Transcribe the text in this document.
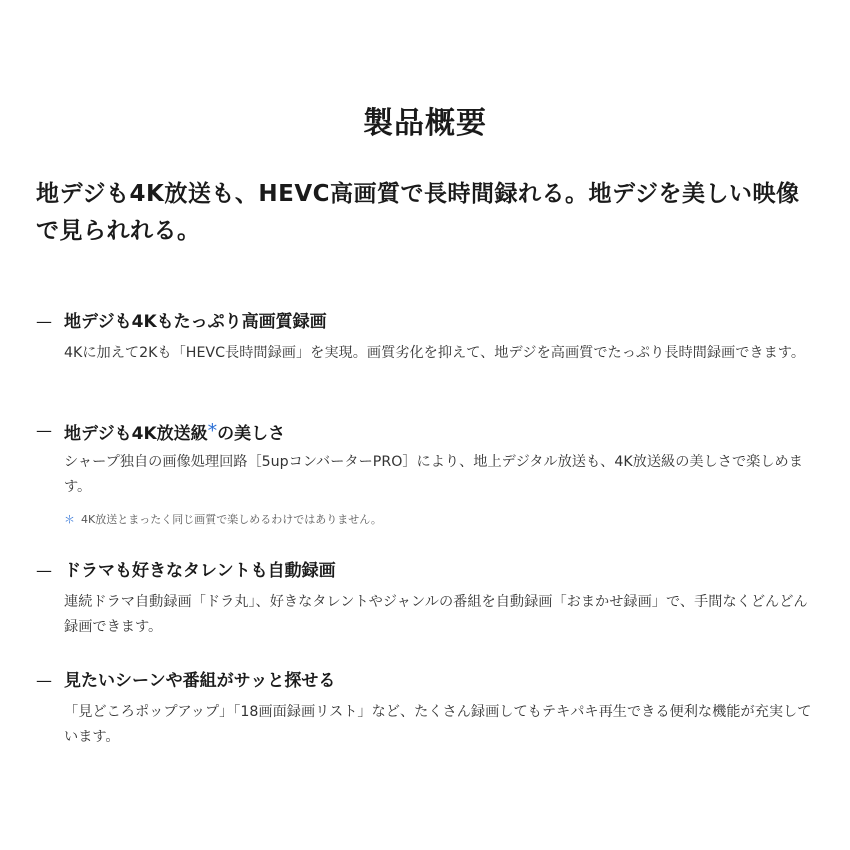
製品概要
地デジも4K放送も、HEVC高画質で長時間録れる。地デジを美しい映像で見られれる。
— 地デジも4Kもたっぷり高画質録画
4Kに加えて2Kも「HEVC長時間録画」を実現。画質劣化を抑えて、地デジを高画質でたっぷり長時間録画できます。
— 地デジも4K放送級*の美しさ
シャープ独自の画像処理回路［5upコンバーターPRO］により、地上デジタル放送も、4K放送級の美しさで楽しめます。
＊ 4K放送とまったく同じ画質で楽しめるわけではありません。
— ドラマも好きなタレントも自動録画
連続ドラマ自動録画「ドラ丸」、好きなタレントやジャンルの番組を自動録画「おまかせ録画」で、手間なくどんどん録画できます。
— 見たいシーンや番組がサッと探せる
「見どころポップアップ」「18画面録画リスト」など、たくさん録画してもテキパキ再生できる便利な機能が充実しています。
